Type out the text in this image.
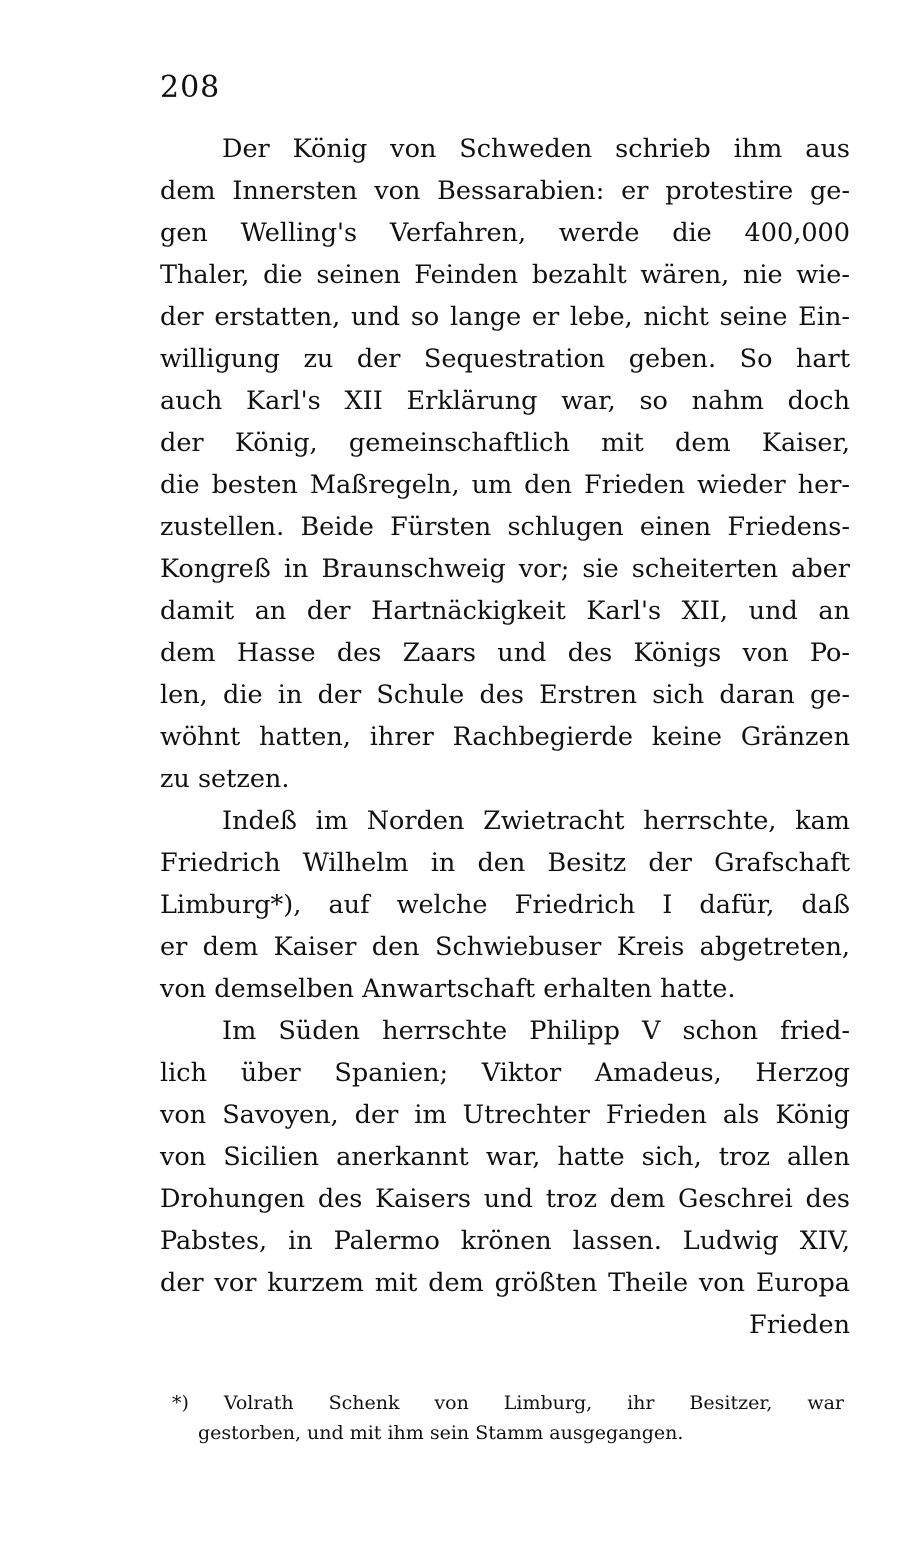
208
Der König von Schweden schrieb ihm aus
dem Innersten von Bessarabien: er protestire ge-
gen Welling's Verfahren, werde die 400,000
Thaler, die seinen Feinden bezahlt wären, nie wie-
der erstatten, und so lange er lebe, nicht seine Ein-
willigung zu der Sequestration geben. So hart
auch Karl's XII Erklärung war, so nahm doch
der König, gemeinschaftlich mit dem Kaiser,
die besten Maßregeln, um den Frieden wieder her-
zustellen. Beide Fürsten schlugen einen Friedens-
Kongreß in Braunschweig vor; sie scheiterten aber
damit an der Hartnäckigkeit Karl's XII, und an
dem Hasse des Zaars und des Königs von Po-
len, die in der Schule des Erstren sich daran ge-
wöhnt hatten, ihrer Rachbegierde keine Gränzen
zu setzen.
Indeß im Norden Zwietracht herrschte, kam
Friedrich Wilhelm in den Besitz der Grafschaft
Limburg*), auf welche Friedrich I dafür, daß
er dem Kaiser den Schwiebuser Kreis abgetreten,
von demselben Anwartschaft erhalten hatte.
Im Süden herrschte Philipp V schon fried-
lich über Spanien; Viktor Amadeus, Herzog
von Savoyen, der im Utrechter Frieden als König
von Sicilien anerkannt war, hatte sich, troz allen
Drohungen des Kaisers und troz dem Geschrei des
Pabstes, in Palermo krönen lassen. Ludwig XIV,
der vor kurzem mit dem größten Theile von Europa
Frieden
*) Volrath Schenk von Limburg, ihr Besitzer, war
gestorben, und mit ihm sein Stamm ausgegangen.
